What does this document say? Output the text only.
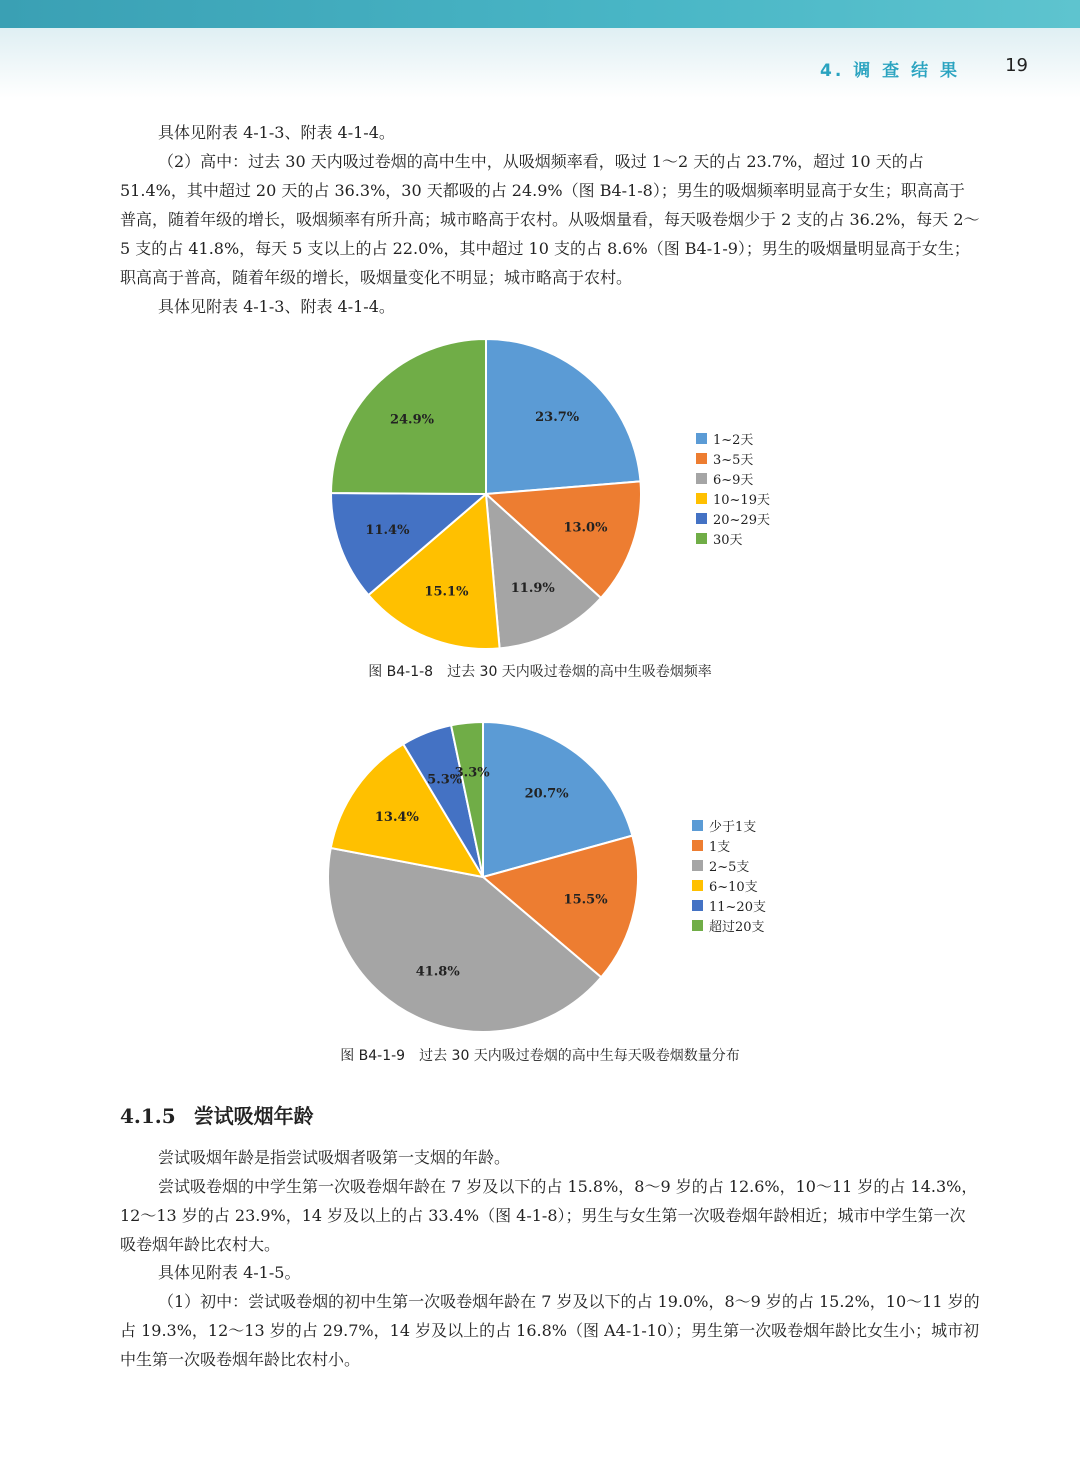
4. 调 查 结 果	19

具体见附表 4-1-3、附表 4-1-4。

（2）高中：过去 30 天内吸过卷烟的高中生中，从吸烟频率看，吸过 1～2 天的占 23.7%，超过 10 天的占 51.4%，其中超过 20 天的占 36.3%，30 天都吸的占 24.9%（图 B4-1-8）；男生的吸烟频率明显高于女生；职高高于普高，随着年级的增长，吸烟频率有所升高；城市略高于农村。从吸烟量看，每天吸卷烟少于 2 支的占 36.2%，每天 2～5 支的占 41.8%，每天 5 支以上的占 22.0%，其中超过 10 支的占 8.6%（图 B4-1-9）；男生的吸烟量明显高于女生；职高高于普高，随着年级的增长，吸烟量变化不明显；城市略高于农村。

具体见附表 4-1-3、附表 4-1-4。

23.7%
13.0%
11.9%
15.1%
11.4%
24.9%
1~2天
3~5天
6~9天
10~19天
20~29天
30天
图 B4-1-8　过去 30 天内吸过卷烟的高中生吸卷烟频率
20.7%
15.5%
41.8%
13.4%
5.3%
3.3%
少于1支
1支
2~5支
6~10支
11~20支
超过20支
图 B4-1-9　过去 30 天内吸过卷烟的高中生每天吸卷烟数量分布
4.1.5 尝试吸烟年龄

尝试吸烟年龄是指尝试吸烟者吸第一支烟的年龄。

尝试吸卷烟的中学生第一次吸卷烟年龄在 7 岁及以下的占 15.8%，8～9 岁的占 12.6%，10～11 岁的占 14.3%，12～13 岁的占 23.9%，14 岁及以上的占 33.4%（图 4-1-8）；男生与女生第一次吸卷烟年龄相近；城市中学生第一次吸卷烟年龄比农村大。

具体见附表 4-1-5。

（1）初中：尝试吸卷烟的初中生第一次吸卷烟年龄在 7 岁及以下的占 19.0%，8～9 岁的占 15.2%，10～11 岁的占 19.3%，12～13 岁的占 29.7%，14 岁及以上的占 16.8%（图 A4-1-10）；男生第一次吸卷烟年龄比女生小；城市初中生第一次吸卷烟年龄比农村小。
